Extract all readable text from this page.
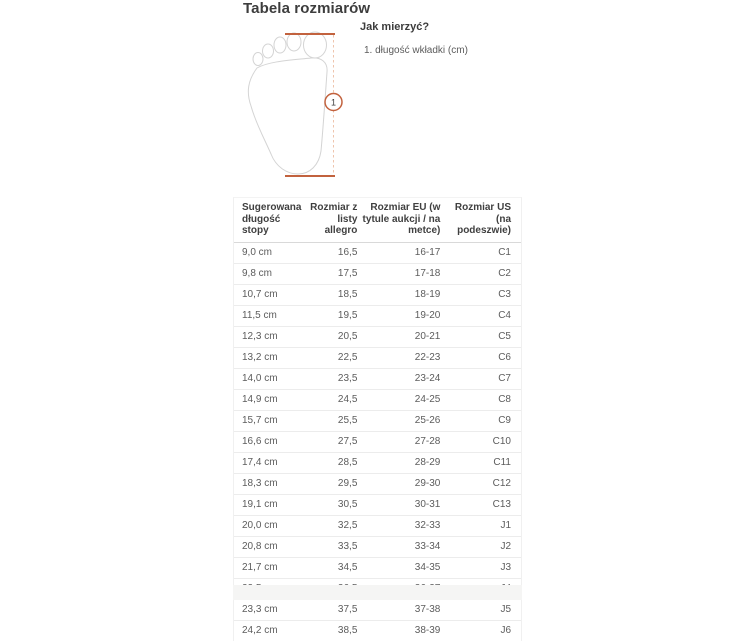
Tabela rozmiarów
1
Jak mierzyć?
1. długość wkładki (cm)
Sugerowana długość stopy	Rozmiar z listy allegro	Rozmiar EU (w tytule aukcji / na metce)	Rozmiar US (na podeszwie)
9,0 cm	16,5	16-17	C1
9,8 cm	17,5	17-18	C2
10,7 cm	18,5	18-19	C3
11,5 cm	19,5	19-20	C4
12,3 cm	20,5	20-21	C5
13,2 cm	22,5	22-23	C6
14,0 cm	23,5	23-24	C7
14,9 cm	24,5	24-25	C8
15,7 cm	25,5	25-26	C9
16,6 cm	27,5	27-28	C10
17,4 cm	28,5	28-29	C11
18,3 cm	29,5	29-30	C12
19,1 cm	30,5	30-31	C13
20,0 cm	32,5	32-33	J1
20,8 cm	33,5	33-34	J2
21,7 cm	34,5	34-35	J3

23,3 cm	37,5	37-38	J5
24,2 cm	38,5	38-39	J6
